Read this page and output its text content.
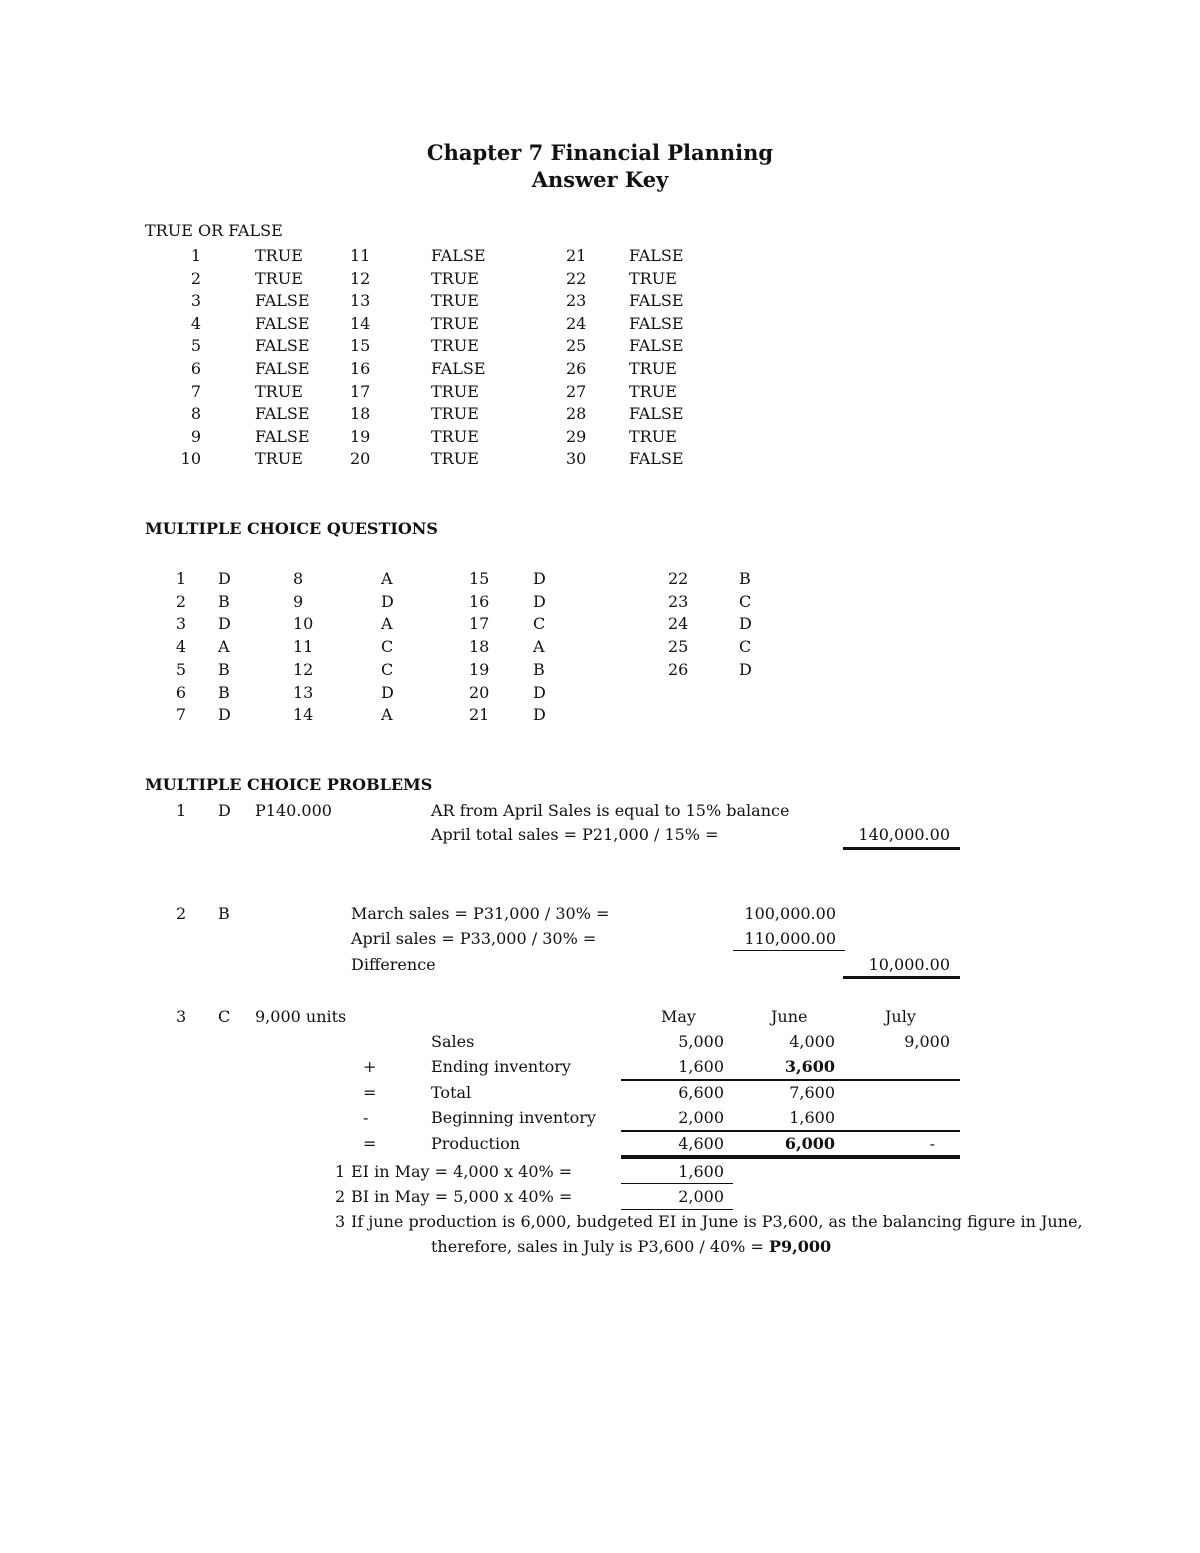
Chapter 7 Financial Planning
Answer Key
TRUE OR FALSE
1	TRUE	11	FALSE	21	FALSE
2	TRUE	12	TRUE	22	TRUE
3	FALSE	13	TRUE	23	FALSE
4	FALSE	14	TRUE	24	FALSE
5	FALSE	15	TRUE	25	FALSE
6	FALSE	16	FALSE	26	TRUE
7	TRUE	17	TRUE	27	TRUE
8	FALSE	18	TRUE	28	FALSE
9	FALSE	19	TRUE	29	TRUE
10	TRUE	20	TRUE	30	FALSE
MULTIPLE CHOICE QUESTIONS
1 D	8	A	15	D	22	B
2 B	9	D	16	D	23	C
3 D	10	A	17	C	24	D
4 A	11	C	18	A	25	C
5 B	12	C	19	B	26	D
6 B	13	D	20	D
7 D	14	A	21	D
MULTIPLE CHOICE PROBLEMS
1 D P140.000	AR from April Sales is equal to 15% balance
April total sales = P21,000 / 15% =	140,000.00
2 B	March sales = P31,000 / 30% =	100,000.00
April sales = P33,000 / 30% =	110,000.00
Difference	10,000.00
3 C 9,000 units	May	June	July
Sales	5,000	4,000	9,000
+	Ending inventory	1,600	3,600
=	Total	6,600	7,600
-	Beginning inventory	2,000	1,600
=	Production	4,600	6,000	-
1 EI in May = 4,000 x 40% =	1,600
2 BI in May = 5,000 x 40% =	2,000
3 If june production is 6,000, budgeted EI in June is P3,600, as the balancing figure in June,
therefore, sales in July is P3,600 / 40% = P9,000
